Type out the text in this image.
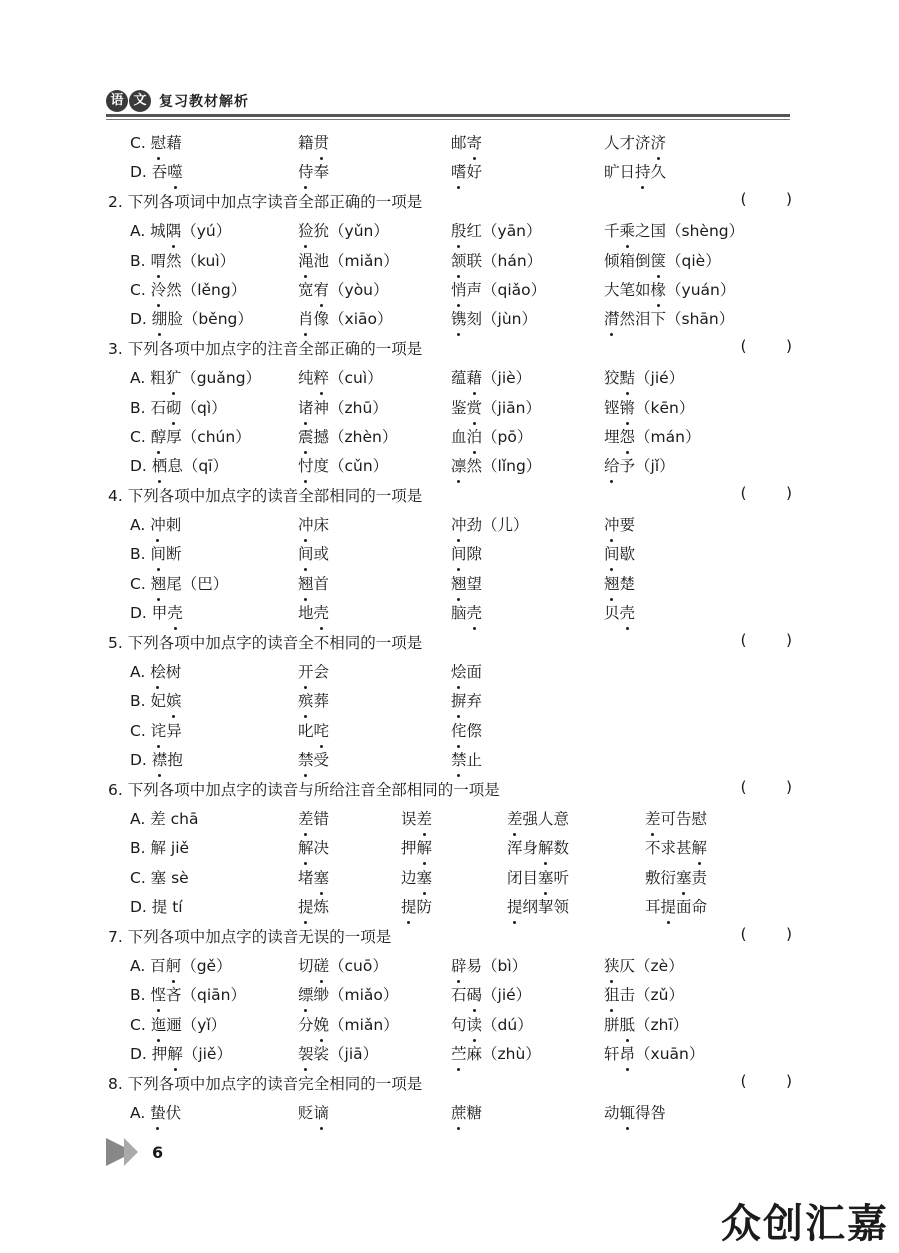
语 文 复习教材解析
C. 慰藉	籍贯	邮寄	人才济济
D. 吞噬	侍奉	嗜好	旷日持久
2. 下列各项词中加点字读音全部正确的一项是	(        )
A. 城隅（yú）	猃狁（yǔn）	殷红（yān）	千乘之国（shèng）
B. 喟然（kuì）	渑池（miǎn）	颔联（hán）	倾箱倒箧（qiè）
C. 泠然（lěng）	宽宥（yòu）	悄声（qiǎo）	大笔如椽（yuán）
D. 绷脸（běng）	肖像（xiāo）	镌刻（jùn）	潸然泪下（shān）
3. 下列各项中加点字的注音全部正确的一项是	(        )
A. 粗犷（guǎng） 纯粹（cuì）	蕴藉（jiè）	狡黠（jié）
B. 石砌（qì）	诸神（zhū）	鉴赏（jiān）	铿锵（kēn）
C. 醇厚（chún）	震撼（zhèn）	血泊（pō）	埋怨（mán）
D. 栖息（qī）	忖度（cǔn）	凛然（lǐng）	给予（jǐ）
4. 下列各项中加点字的读音全部相同的一项是	(        )
A. 冲刺	冲床	冲劲（儿）	冲要
B. 间断	间或	间隙	间歇
C. 翘尾（巴）	翘首	翘望	翘楚
D. 甲壳	地壳	脑壳	贝壳
5. 下列各项中加点字的读音全不相同的一项是	(        )
A. 桧树	开会	烩面
B. 妃嫔	殡葬	摒弃
C. 诧异	叱咤	侘傺
D. 襟抱	禁受	禁止
6. 下列各项中加点字的读音与所给注音全部相同的一项是	(        )
A. 差 chā	差错	误差	差强人意	差可告慰
B. 解 jiě	解决	押解	浑身解数	不求甚解
C. 塞 sè	堵塞	边塞	闭目塞听	敷衍塞责
D. 提 tí	提炼	提防	提纲挈领	耳提面命
7. 下列各项中加点字的读音无误的一项是	(        )
A. 百舸（gě）	切磋（cuō）	辟易（bì）	狭仄（zè）
B. 悭吝（qiān）	缥缈（miǎo）	石碣（jié）	狙击（zǔ）
C. 迤逦（yǐ）	分娩（miǎn）	句读（dú）	胼胝（zhī）
D. 押解（jiě）	袈裟（jiā）	苎麻（zhù）	轩昂（xuān）
8. 下列各项中加点字的读音完全相同的一项是	(        )
A. 蛰伏	贬谪	蔗糖	动辄得咎
6
众创汇嘉
